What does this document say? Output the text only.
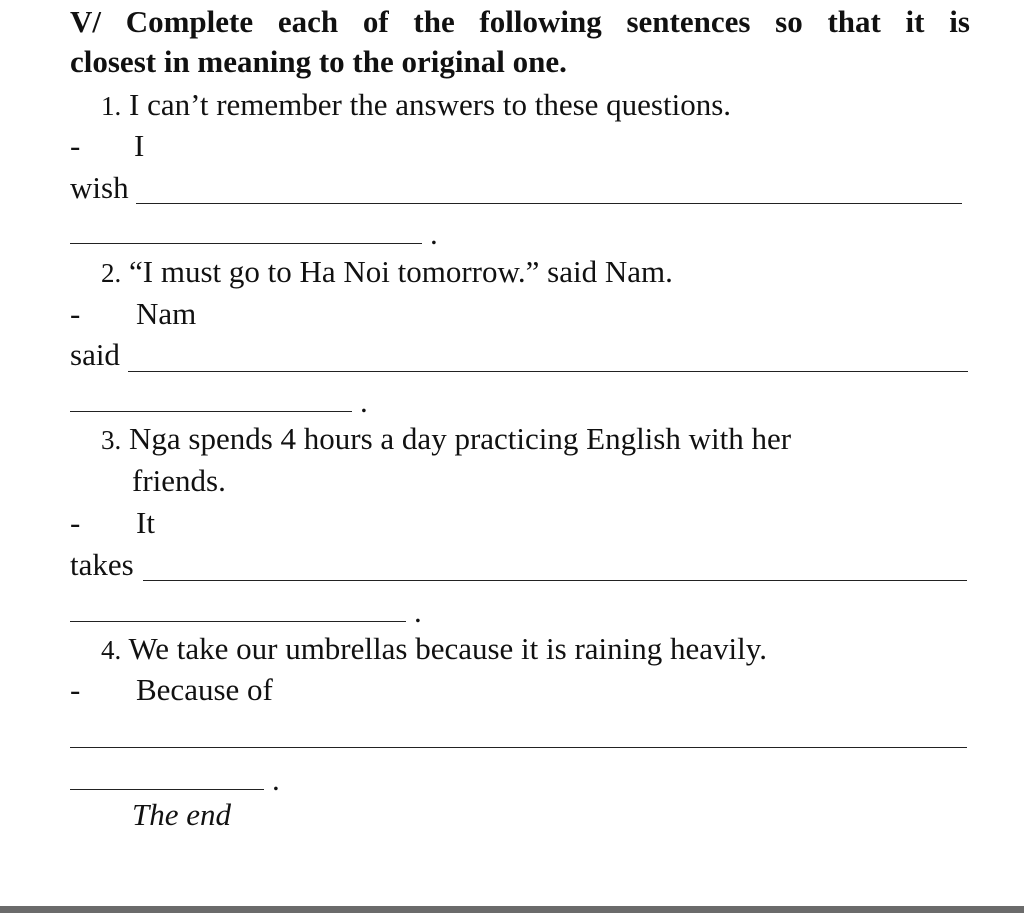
V/ Complete each of the following sentences so that it is
closest in meaning to the original one.
1. I can’t remember the answers to these questions.
- I
wish
.
2. “I must go to Ha Noi tomorrow.” said Nam.
- Nam
said
.
3. Nga spends 4 hours a day practicing English with her
friends.
- It
takes
.
4. We take our umbrellas because it is raining heavily.
- Because of
.
The end
